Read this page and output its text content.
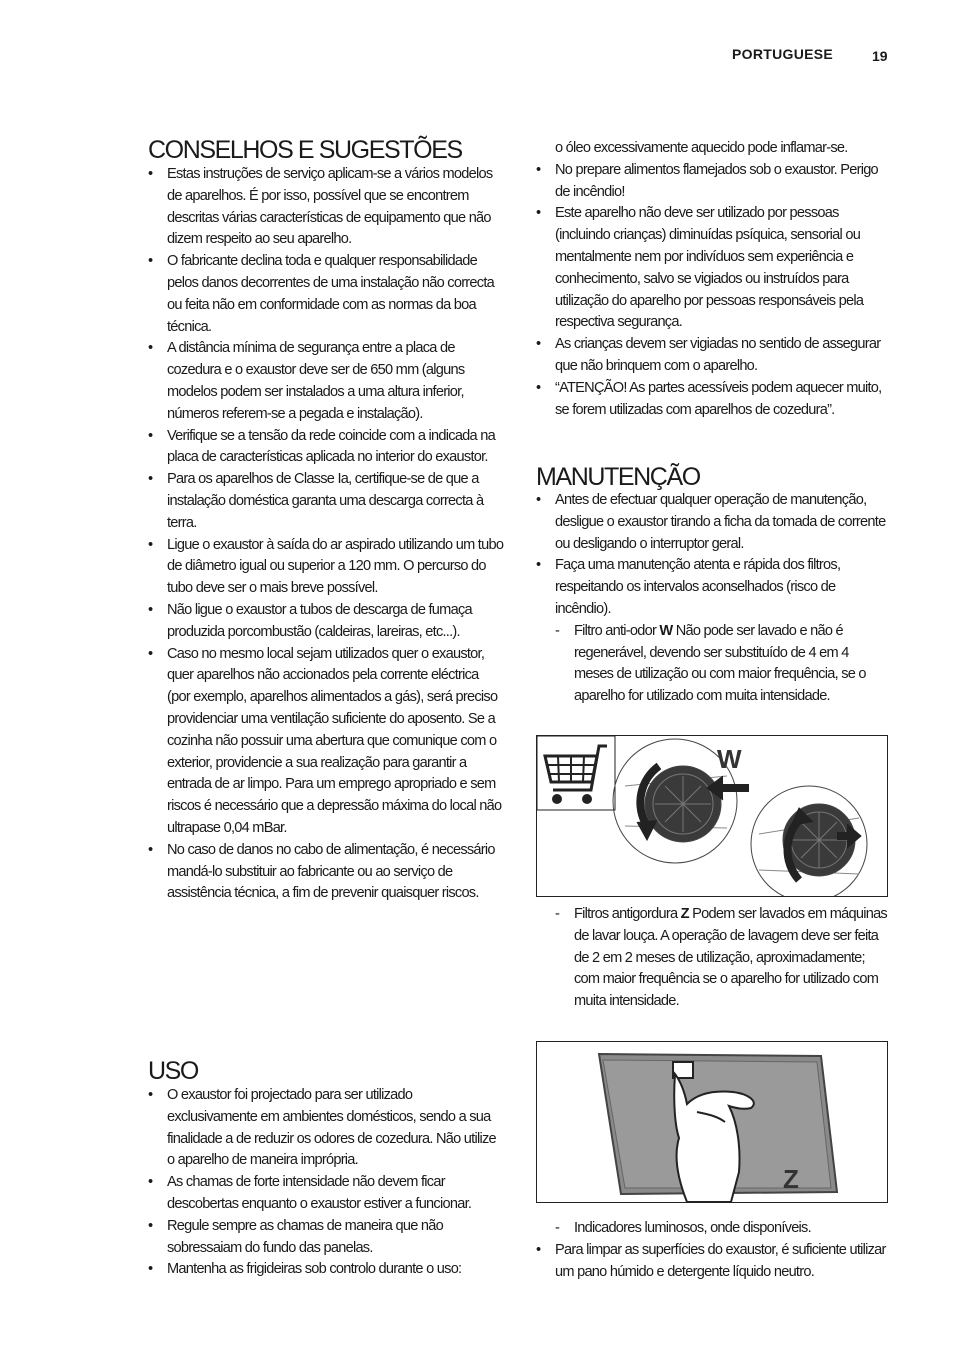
PORTUGUESE	19
CONSELHOS E SUGESTÕES
• Estas instruções de serviço aplicam-se a vários modelos de aparelhos. É por isso, possível que se encontrem descritas várias características de equipamento que não dizem respeito ao seu aparelho.
• O fabricante declina toda e qualquer responsabilidade pelos danos decorrentes de uma instalação não correcta ou feita não em conformidade com as normas da boa técnica.
• A distância mínima de segurança entre a placa de cozedura e o exaustor deve ser de 650 mm (alguns modelos podem ser instalados a uma altura inferior, números referem-se a pegada e instalação).
• Verifique se a tensão da rede coincide com a indicada na placa de características aplicada no interior do exaustor.
• Para os aparelhos de Classe Ia, certifique-se de que a instalação doméstica garanta uma descarga correcta à terra.
• Ligue o exaustor à saída do ar aspirado utilizando um tubo de diâmetro igual ou superior a 120 mm. O percurso do tubo deve ser o mais breve possível.
• Não ligue o exaustor a tubos de descarga de fumaça produzida porcombustão (caldeiras, lareiras, etc...).
• Caso no mesmo local sejam utilizados quer o exaustor, quer aparelhos não accionados pela corrente eléctrica (por exemplo, aparelhos alimentados a gás), será preciso providenciar uma ventilação suficiente do aposento. Se a cozinha não possuir uma abertura que comunique com o exterior, providencie a sua realização para garantir a entrada de ar limpo. Para um emprego apropriado e sem riscos é necessário que a depressão máxima do local não ultrapase 0,04 mBar.
• No caso de danos no cabo de alimentação, é necessário mandá-lo substituir ao fabricante ou ao serviço de assistência técnica, a fim de prevenir quaisquer riscos.
USO
• O exaustor foi projectado para ser utilizado exclusivamente em ambientes domésticos, sendo a sua finalidade a de reduzir os odores de cozedura. Não utilize o aparelho de maneira imprópria.
• As chamas de forte intensidade não devem ficar descobertas enquanto o exaustor estiver a funcionar.
• Regule sempre as chamas de maneira que não sobressaiam do fundo das panelas.
• Mantenha as frigideiras sob controlo durante o uso:
o óleo excessivamente aquecido pode inflamar-se.
• No prepare alimentos flamejados sob o exaustor. Perigo de incêndio!
• Este aparelho não deve ser utilizado por pessoas (incluindo crianças) diminuídas psíquica, sensorial ou mentalmente nem por indivíduos sem experiência e conhecimento, salvo se vigiados ou instruídos para utilização do aparelho por pessoas responsáveis pela respectiva segurança.
• As crianças devem ser vigiadas no sentido de assegurar que não brinquem com o aparelho.
• “ATENÇÃO! As partes acessíveis podem aquecer muito, se forem utilizadas com aparelhos de cozedura”.
MANUTENÇÃO
• Antes de efectuar qualquer operação de manutenção, desligue o exaustor tirando a ficha da tomada de corrente ou desligando o interruptor geral.
• Faça uma manutenção atenta e rápida dos filtros, respeitando os intervalos aconselhados (risco de incêndio).
- Filtro anti-odor W Não pode ser lavado e não é regenerável, devendo ser substituído de 4 em 4 meses de utilização ou com maior frequência, se o aparelho for utilizado com muita intensidade.
W
- Filtros antigordura Z Podem ser lavados em máquinas de lavar louça. A operação de lavagem deve ser feita de 2 em 2 meses de utilização, aproximadamente; com maior frequência se o aparelho for utilizado com muita intensidade.
Z
- Indicadores luminosos, onde disponíveis.
• Para limpar as superfícies do exaustor, é suficiente utilizar um pano húmido e detergente líquido neutro.
